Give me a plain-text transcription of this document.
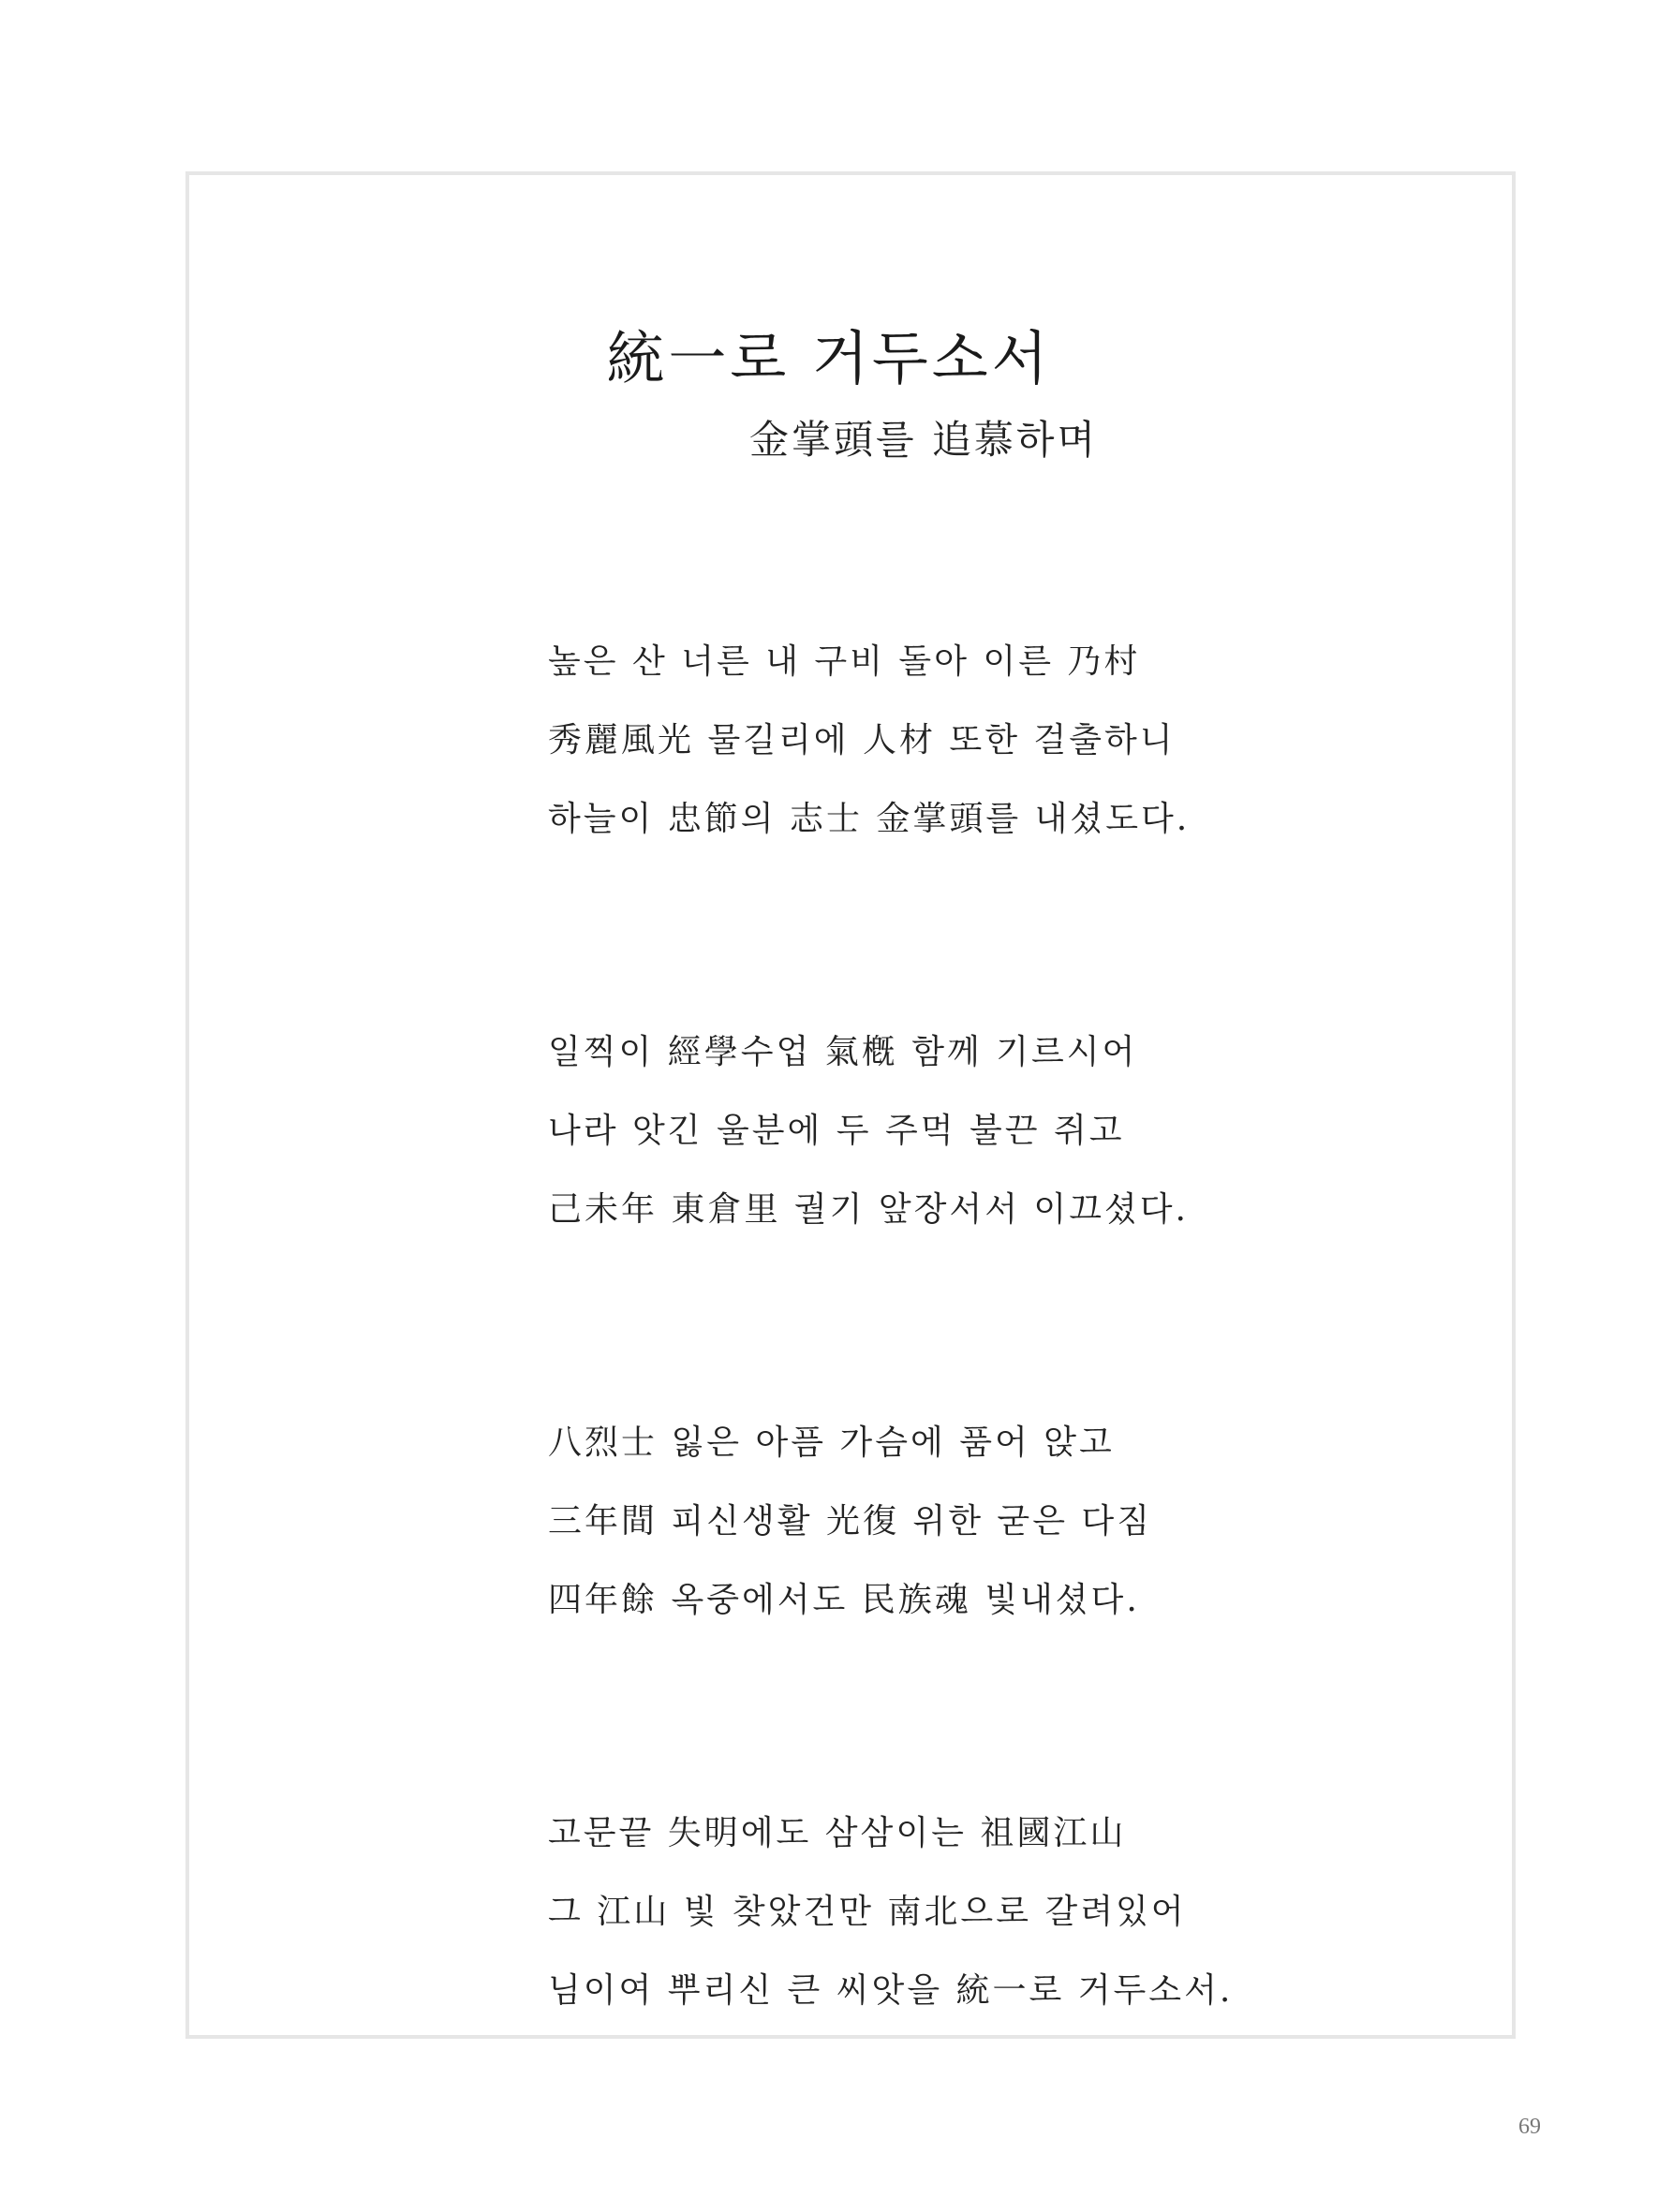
統一로 거두소서

金掌頭를 追慕하며

높은 산 너른 내 구비 돌아 이른 乃村
秀麗風光 물길리에 人材 또한 걸출하니
하늘이 忠節의 志士 金掌頭를 내셨도다.
일찍이 經學수업 氣槪 함께 기르시어
나라 앗긴 울분에 두 주먹 불끈 쥐고
己未年 東倉里 궐기 앞장서서 이끄셨다.
八烈士 잃은 아픔 가슴에 품어 앉고
三年間 피신생활 光復 위한 굳은 다짐
四年餘 옥중에서도 民族魂 빛내셨다.
고문끝 失明에도 삼삼이는 祖國江山
그 江山 빛 찾았건만 南北으로 갈려있어
님이여 뿌리신 큰 씨앗을 統一로 거두소서.
69
